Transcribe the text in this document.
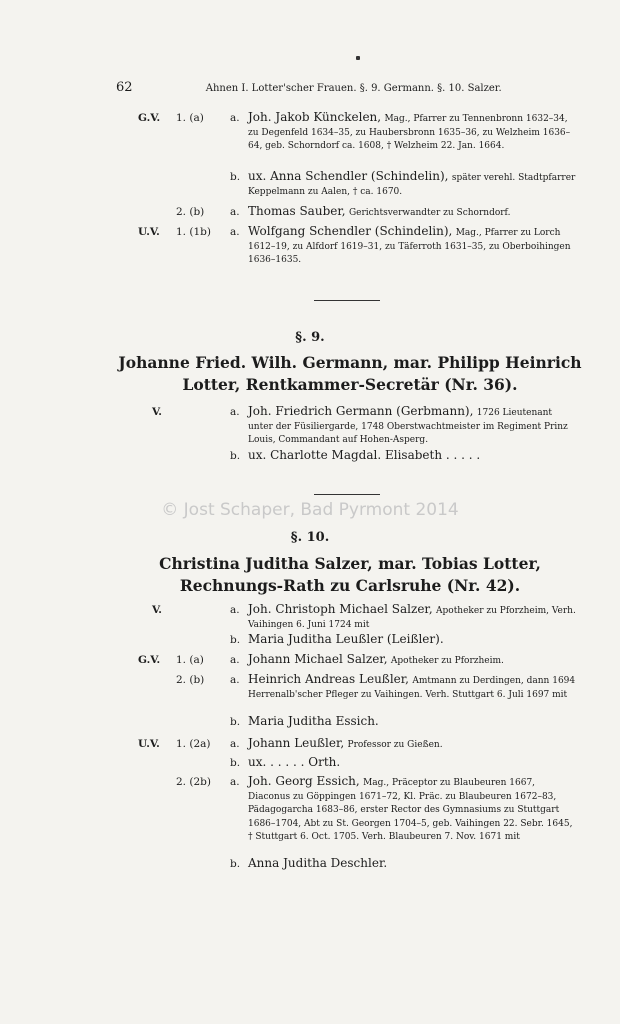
62	Ahnen I. Lotter'scher Frauen. §. 9. Germann. §. 10. Salzer.
G.V. 1. (a) a. Joh. Jakob Künckelen, Mag., Pfarrer zu Tennenbronn 1632–34, zu Degenfeld 1634–35, zu Haubersbronn 1635–36, zu Welzheim 1636–64, geb. Schorndorf ca. 1608, † Welzheim 22. Jan. 1664.
b. ux. Anna Schendler (Schindelin), später verehl. Stadtpfarrer Keppelmann zu Aalen, † ca. 1670.
2. (b) a. Thomas Sauber, Gerichtsverwandter zu Schorndorf.
U.V. 1. (1b) a. Wolfgang Schendler (Schindelin), Mag., Pfarrer zu Lorch 1612–19, zu Alfdorf 1619–31, zu Täferroth 1631–35, zu Oberboihingen 1636–1635.
§. 9.
Johanne Fried. Wilh. Germann, mar. Philipp Heinrich Lotter, Rentkammer-Secretär (Nr. 36).
V.	a. Joh. Friedrich Germann (Gerbmann), 1726 Lieutenant unter der Füsiliergarde, 1748 Oberstwachtmeister im Regiment Prinz Louis, Commandant auf Hohen-Asperg.
b. ux. Charlotte Magdal. Elisabeth . . . . .
© Jost Schaper, Bad Pyrmont 2014
§. 10.
Christina Juditha Salzer, mar. Tobias Lotter, Rechnungs-Rath zu Carlsruhe (Nr. 42).
V.	a. Joh. Christoph Michael Salzer, Apotheker zu Pforzheim, Verh. Vaihingen 6. Juni 1724 mit
b. Maria Juditha Leußler (Leißler).
G.V. 1. (a) a. Johann Michael Salzer, Apotheker zu Pforzheim.
2. (b) a. Heinrich Andreas Leußler, Amtmann zu Derdingen, dann 1694 Herrenalb'scher Pfleger zu Vaihingen. Verh. Stuttgart 6. Juli 1697 mit
b. Maria Juditha Essich.
U.V. 1. (2a) a. Johann Leußler, Professor zu Gießen.
b. ux. . . . . . Orth.
2. (2b) a. Joh. Georg Essich, Mag., Präceptor zu Blaubeuren 1667, Diaconus zu Göppingen 1671–72, Kl. Präc. zu Blaubeuren 1672–83, Pädagogarcha 1683–86, erster Rector des Gymnasiums zu Stuttgart 1686–1704, Abt zu St. Georgen 1704–5, geb. Vaihingen 22. Sebr. 1645, † Stuttgart 6. Oct. 1705. Verh. Blaubeuren 7. Nov. 1671 mit
b. Anna Juditha Deschler.
